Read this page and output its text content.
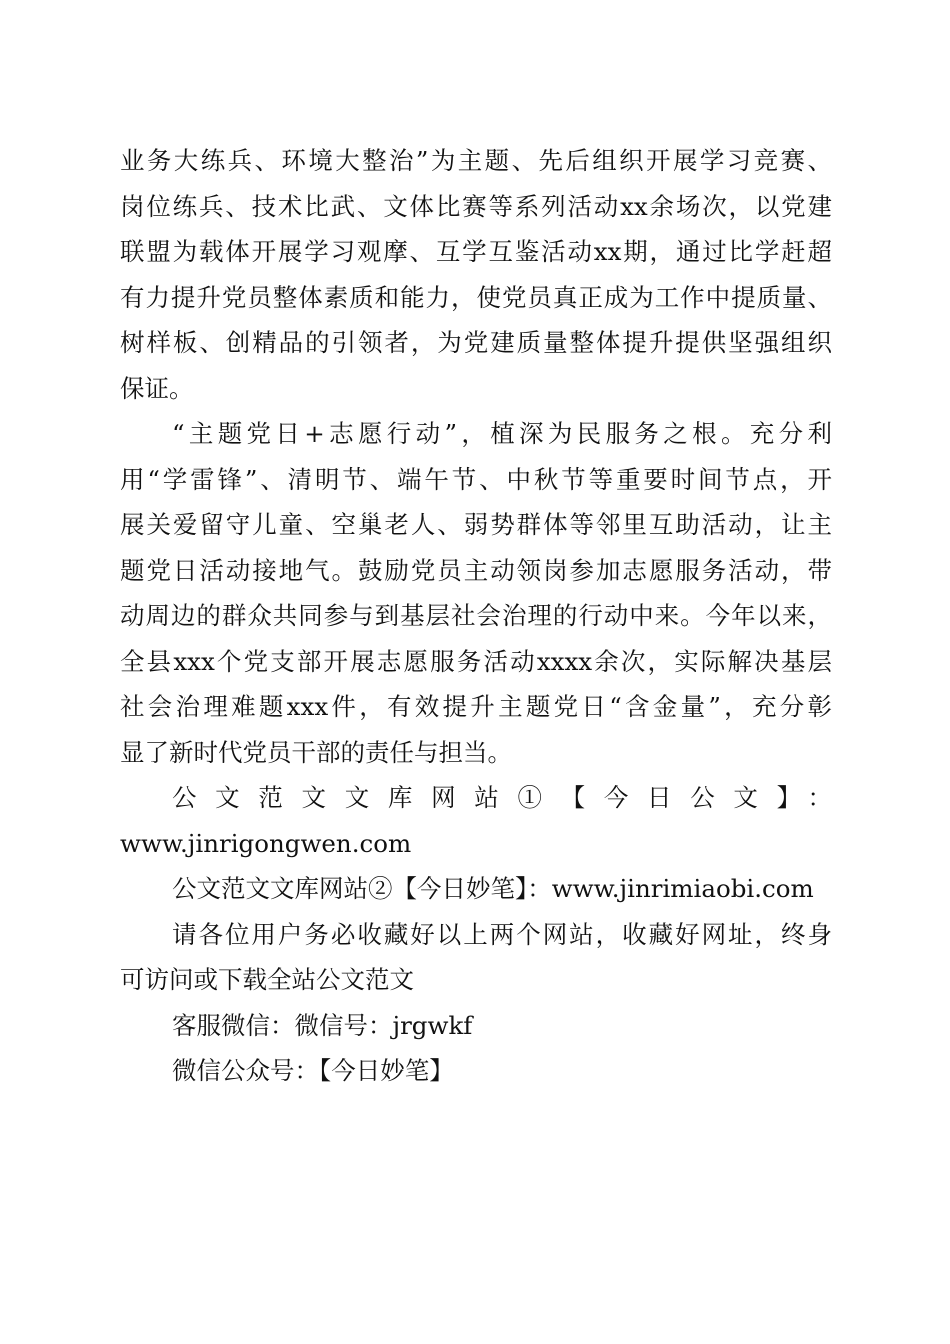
业务大练兵、环境大整治”为主题、先后组织开展学习竞赛、
岗位练兵、技术比武、文体比赛等系列活动xx余场次，以党建
联盟为载体开展学习观摩、互学互鉴活动xx期，通过比学赶超
有力提升党员整体素质和能力，使党员真正成为工作中提质量、
树样板、创精品的引领者，为党建质量整体提升提供坚强组织
保证。
“主题党日+志愿行动”，植深为民服务之根。充分利
用“学雷锋”、清明节、端午节、中秋节等重要时间节点，开
展关爱留守儿童、空巢老人、弱势群体等邻里互助活动，让主
题党日活动接地气。鼓励党员主动领岗参加志愿服务活动，带
动周边的群众共同参与到基层社会治理的行动中来。今年以来，
全县xxx个党支部开展志愿服务活动xxxx余次，实际解决基层
社会治理难题xxx件，有效提升主题党日“含金量”，充分彰
显了新时代党员干部的责任与担当。
公文范文文库网站①【今日公文】：
www.jinrigongwen.com
公文范文文库网站②【今日妙笔】：www.jinrimiaobi.com
请各位用户务必收藏好以上两个网站，收藏好网址，终身
可访问或下载全站公文范文
客服微信：微信号：jrgwkf
微信公众号：【今日妙笔】
